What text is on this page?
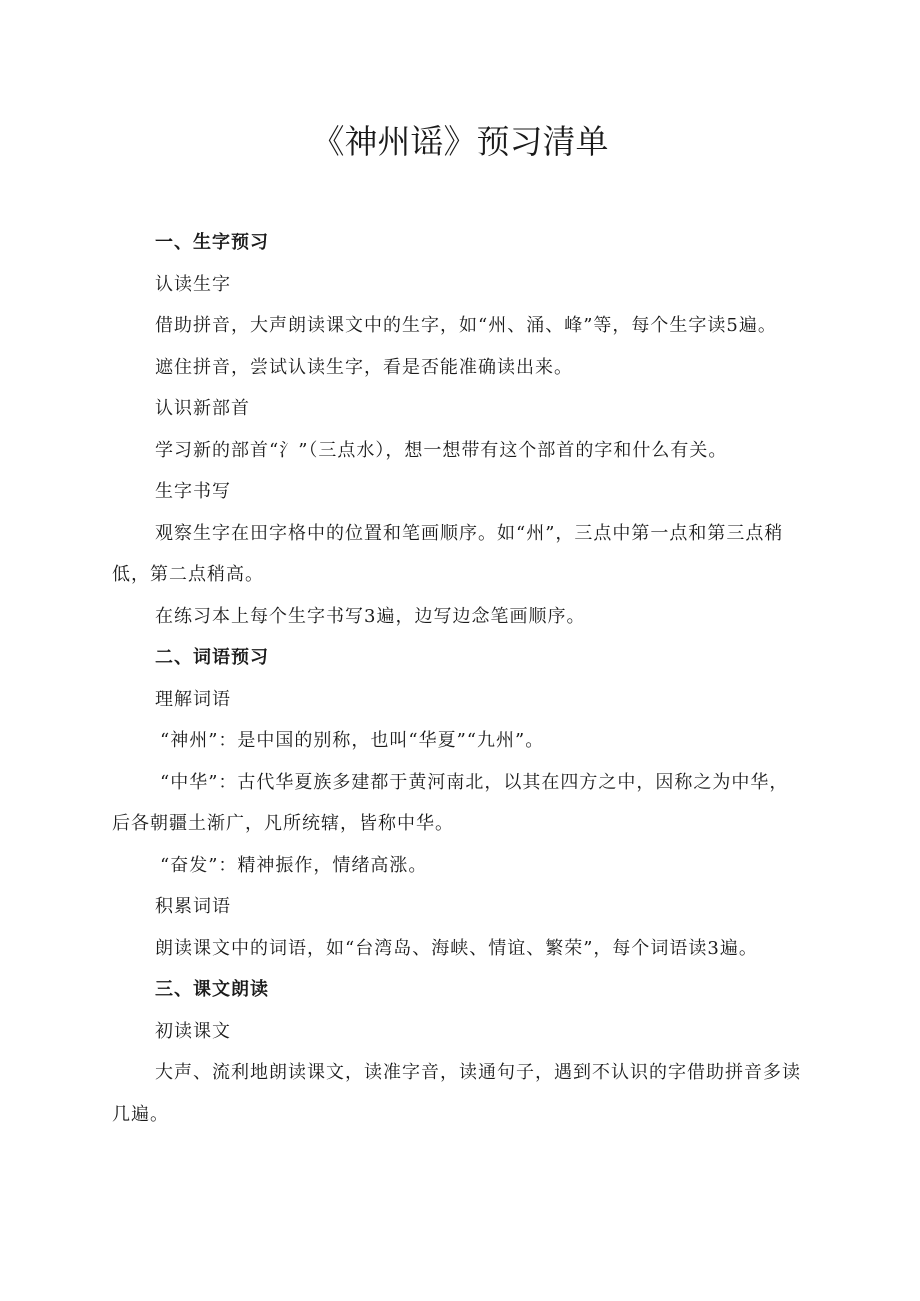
《神州谣》预习清单

一、生字预习

认读生字

借助拼音，大声朗读课文中的生字，如“州、涌、峰”等，每个生字读5遍。

遮住拼音，尝试认读生字，看是否能准确读出来。

认识新部首

学习新的部首“氵”（三点水），想一想带有这个部首的字和什么有关。

生字书写

观察生字在田字格中的位置和笔画顺序。如“州”，三点中第一点和第三点稍低，第二点稍高。

在练习本上每个生字书写3遍，边写边念笔画顺序。

二、词语预习

理解词语

“神州”：是中国的别称，也叫“华夏”“九州”。

“中华”：古代华夏族多建都于黄河南北，以其在四方之中，因称之为中华，后各朝疆土渐广，凡所统辖，皆称中华。

“奋发”：精神振作，情绪高涨。

积累词语

朗读课文中的词语，如“台湾岛、海峡、情谊、繁荣”，每个词语读3遍。

三、课文朗读

初读课文

大声、流利地朗读课文，读准字音，读通句子，遇到不认识的字借助拼音多读几遍。
